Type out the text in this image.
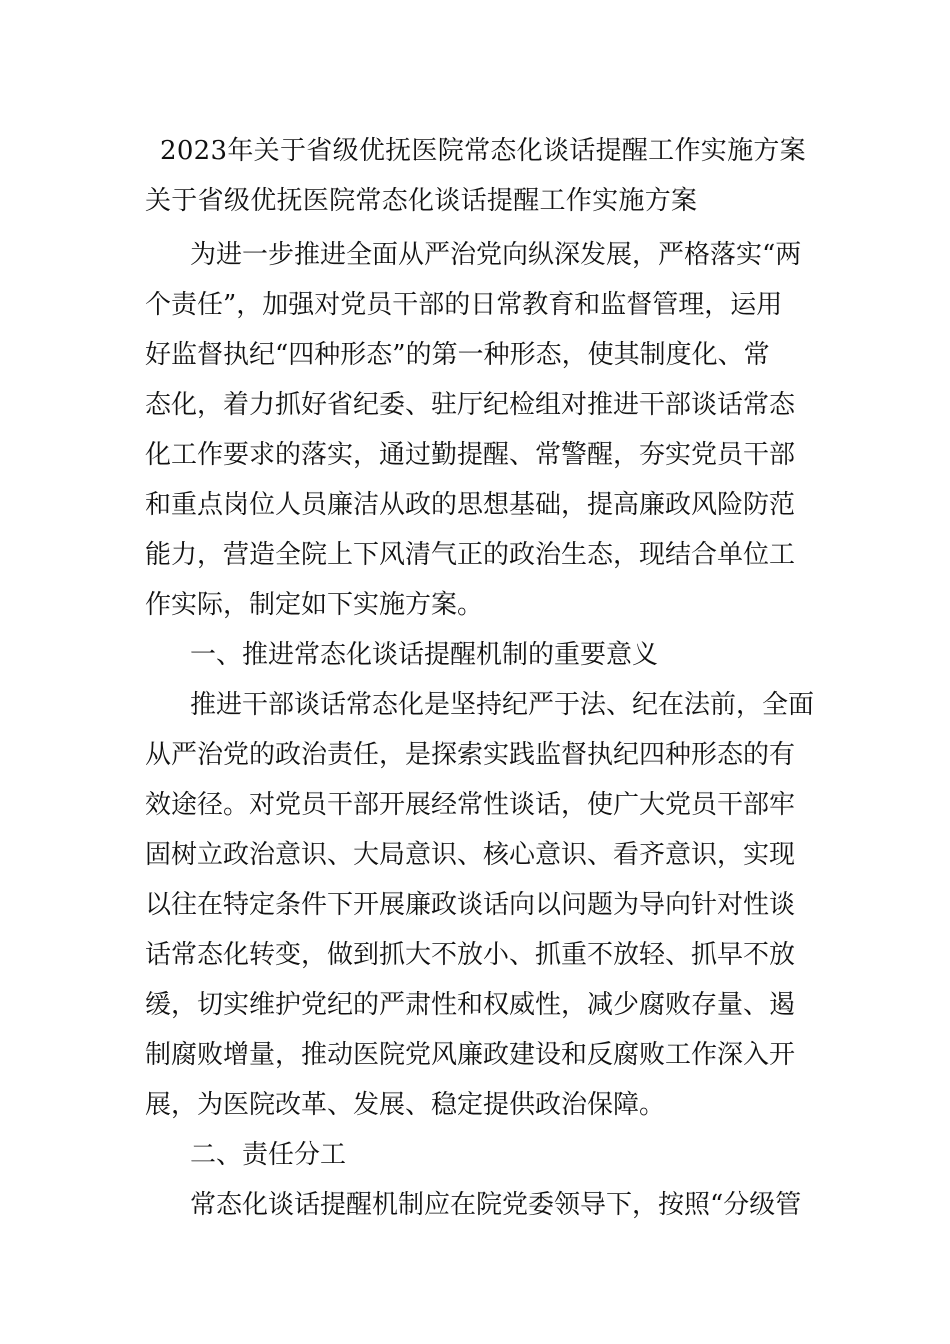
2023年关于省级优抚医院常态化谈话提醒工作实施方案
关于省级优抚医院常态化谈话提醒工作实施方案
为进一步推进全面从严治党向纵深发展，严格落实“两
个责任”，加强对党员干部的日常教育和监督管理，运用
好监督执纪“四种形态”的第一种形态，使其制度化、常
态化，着力抓好省纪委、驻厅纪检组对推进干部谈话常态
化工作要求的落实，通过勤提醒、常警醒，夯实党员干部
和重点岗位人员廉洁从政的思想基础，提高廉政风险防范
能力，营造全院上下风清气正的政治生态，现结合单位工
作实际，制定如下实施方案。
一、推进常态化谈话提醒机制的重要意义
推进干部谈话常态化是坚持纪严于法、纪在法前，全面
从严治党的政治责任，是探索实践监督执纪四种形态的有
效途径。对党员干部开展经常性谈话，使广大党员干部牢
固树立政治意识、大局意识、核心意识、看齐意识，实现
以往在特定条件下开展廉政谈话向以问题为导向针对性谈
话常态化转变，做到抓大不放小、抓重不放轻、抓早不放
缓，切实维护党纪的严肃性和权威性，减少腐败存量、遏
制腐败增量，推动医院党风廉政建设和反腐败工作深入开
展，为医院改革、发展、稳定提供政治保障。
二、责任分工
常态化谈话提醒机制应在院党委领导下，按照“分级管
